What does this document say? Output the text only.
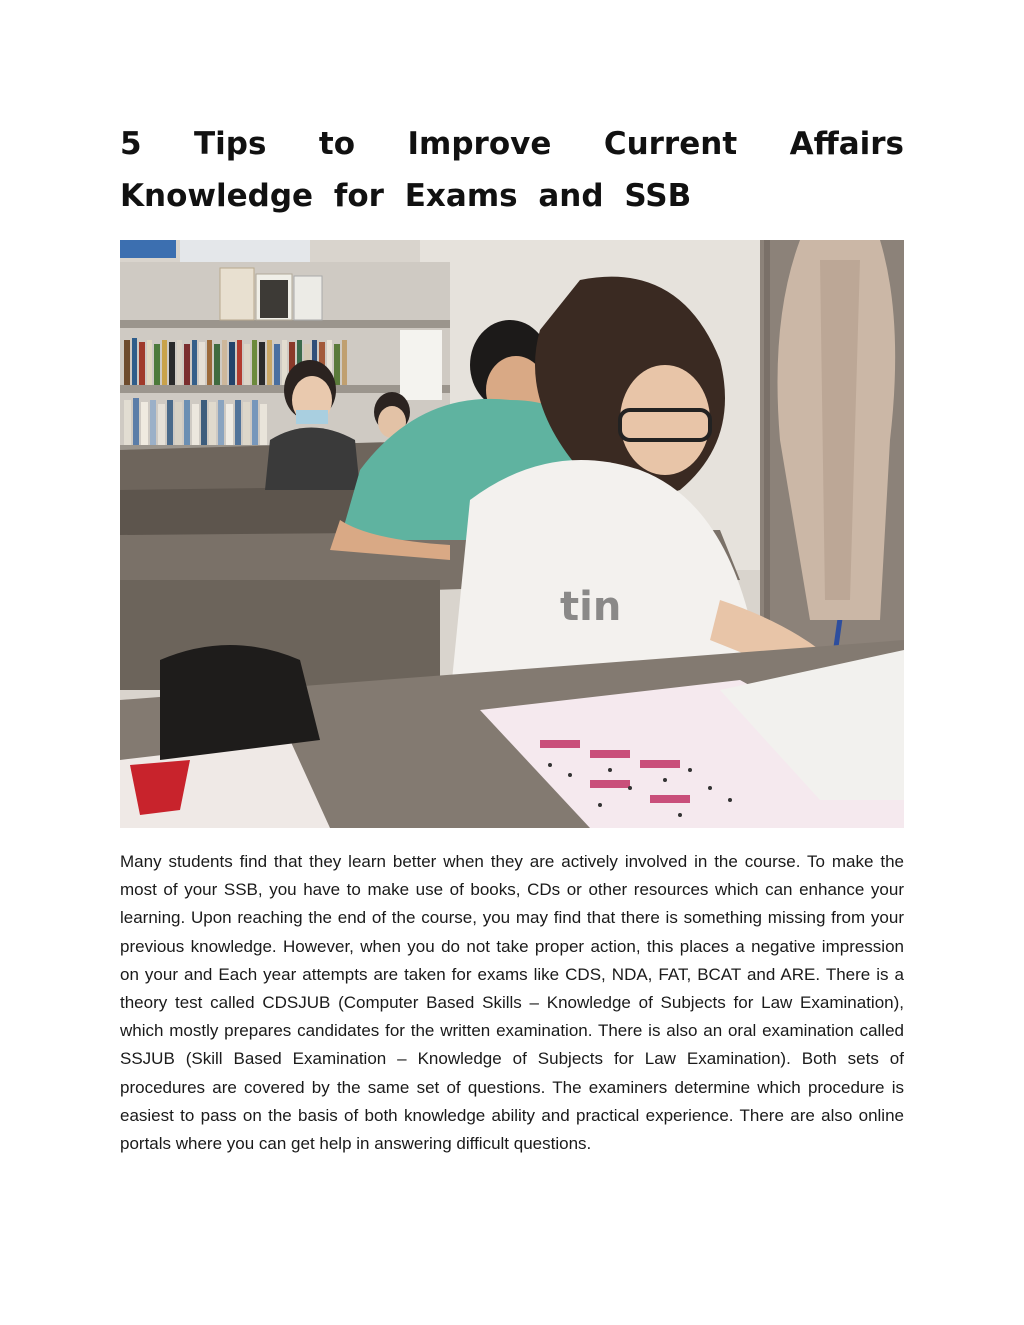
5 Tips to Improve Current Affairs Knowledge for Exams and SSB
tin

Many students find that they learn better when they are actively involved in the course. To make the most of your SSB, you have to make use of books, CDs or other resources which can enhance your learning. Upon reaching the end of the course, you may find that there is something missing from your previous knowledge. However, when you do not take proper action, this places a negative impression on your and Each year attempts are taken for exams like CDS, NDA, FAT, BCAT and ARE. There is a theory test called CDSJUB (Computer Based Skills – Knowledge of Subjects for Law Examination), which mostly prepares candidates for the written examination. There is also an oral examination called SSJUB (Skill Based Examination – Knowledge of Subjects for Law Examination). Both sets of procedures are covered by the same set of questions. The examiners determine which procedure is easiest to pass on the basis of both knowledge ability and practical experience. There are also online portals where you can get help in answering difficult questions.
